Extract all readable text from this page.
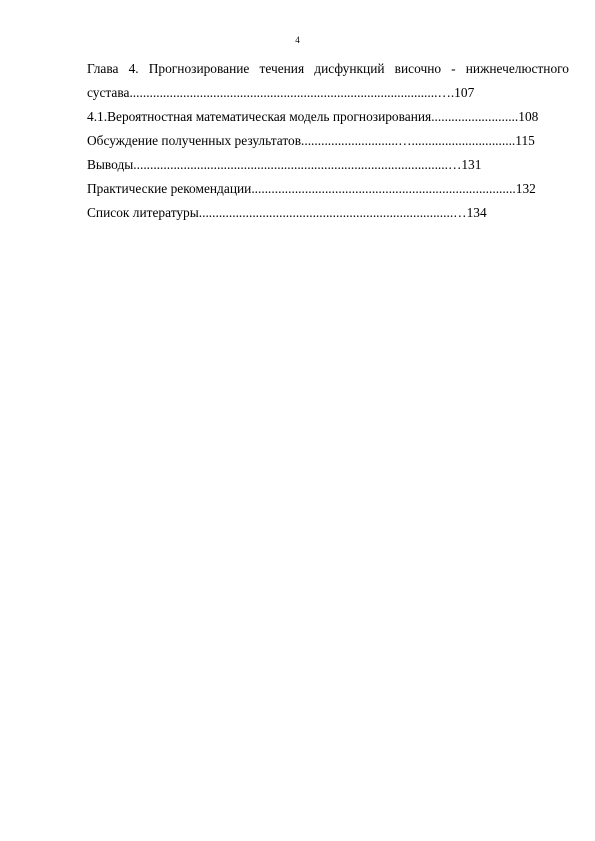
4
Глава 4. Прогнозирование течения дисфункций височно - нижнечелюстного
сустава............................................................................................….107
4.1.Вероятностная математическая модель прогнозирования..........................108
Обсуждение полученных результатов.............................…...............................115
Выводы..............................................................................................…131
Практические рекомендации...............................................................................132
Список литературы............................................................................…134
